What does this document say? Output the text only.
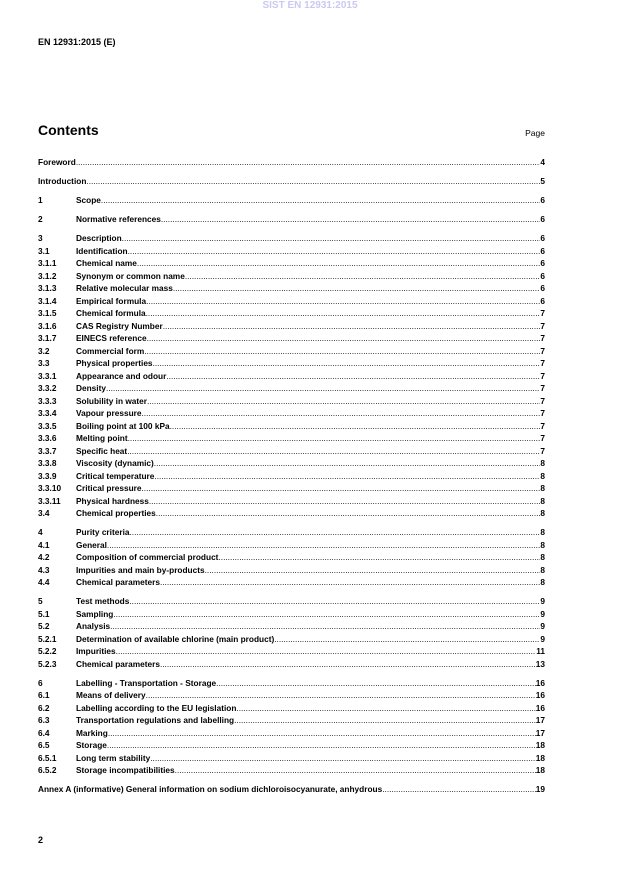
SIST EN 12931:2015
EN 12931:2015 (E)
Contents	Page
Foreword .....	4
Introduction .....	5
1	Scope .....	6
2	Normative references .....	6
3	Description .....	6
3.1	Identification .....	6
3.1.1	Chemical name .....	6
3.1.2	Synonym or common name .....	6
3.1.3	Relative molecular mass .....	6
3.1.4	Empirical formula .....	6
3.1.5	Chemical formula .....	7
3.1.6	CAS Registry Number .....	7
3.1.7	EINECS reference .....	7
3.2	Commercial form .....	7
3.3	Physical properties .....	7
3.3.1	Appearance and odour .....	7
3.3.2	Density .....	7
3.3.3	Solubility in water .....	7
3.3.4	Vapour pressure .....	7
3.3.5	Boiling point at 100 kPa .....	7
3.3.6	Melting point .....	7
3.3.7	Specific heat .....	7
3.3.8	Viscosity (dynamic) .....	8
3.3.9	Critical temperature .....	8
3.3.10	Critical pressure .....	8
3.3.11	Physical hardness .....	8
3.4	Chemical properties .....	8
4	Purity criteria .....	8
4.1	General .....	8
4.2	Composition of commercial product .....	8
4.3	Impurities and main by-products .....	8
4.4	Chemical parameters .....	8
5	Test methods .....	9
5.1	Sampling .....	9
5.2	Analysis .....	9
5.2.1	Determination of available chlorine (main product) .....	9
5.2.2	Impurities .....	11
5.2.3	Chemical parameters .....	13
6	Labelling - Transportation - Storage .....	16
6.1	Means of delivery .....	16
6.2	Labelling according to the EU legislation .....	16
6.3	Transportation regulations and labelling .....	17
6.4	Marking .....	17
6.5	Storage .....	18
6.5.1	Long term stability .....	18
6.5.2	Storage incompatibilities .....	18
Annex A (informative) General information on sodium dichloroisocyanurate, anhydrous .....	19
2
